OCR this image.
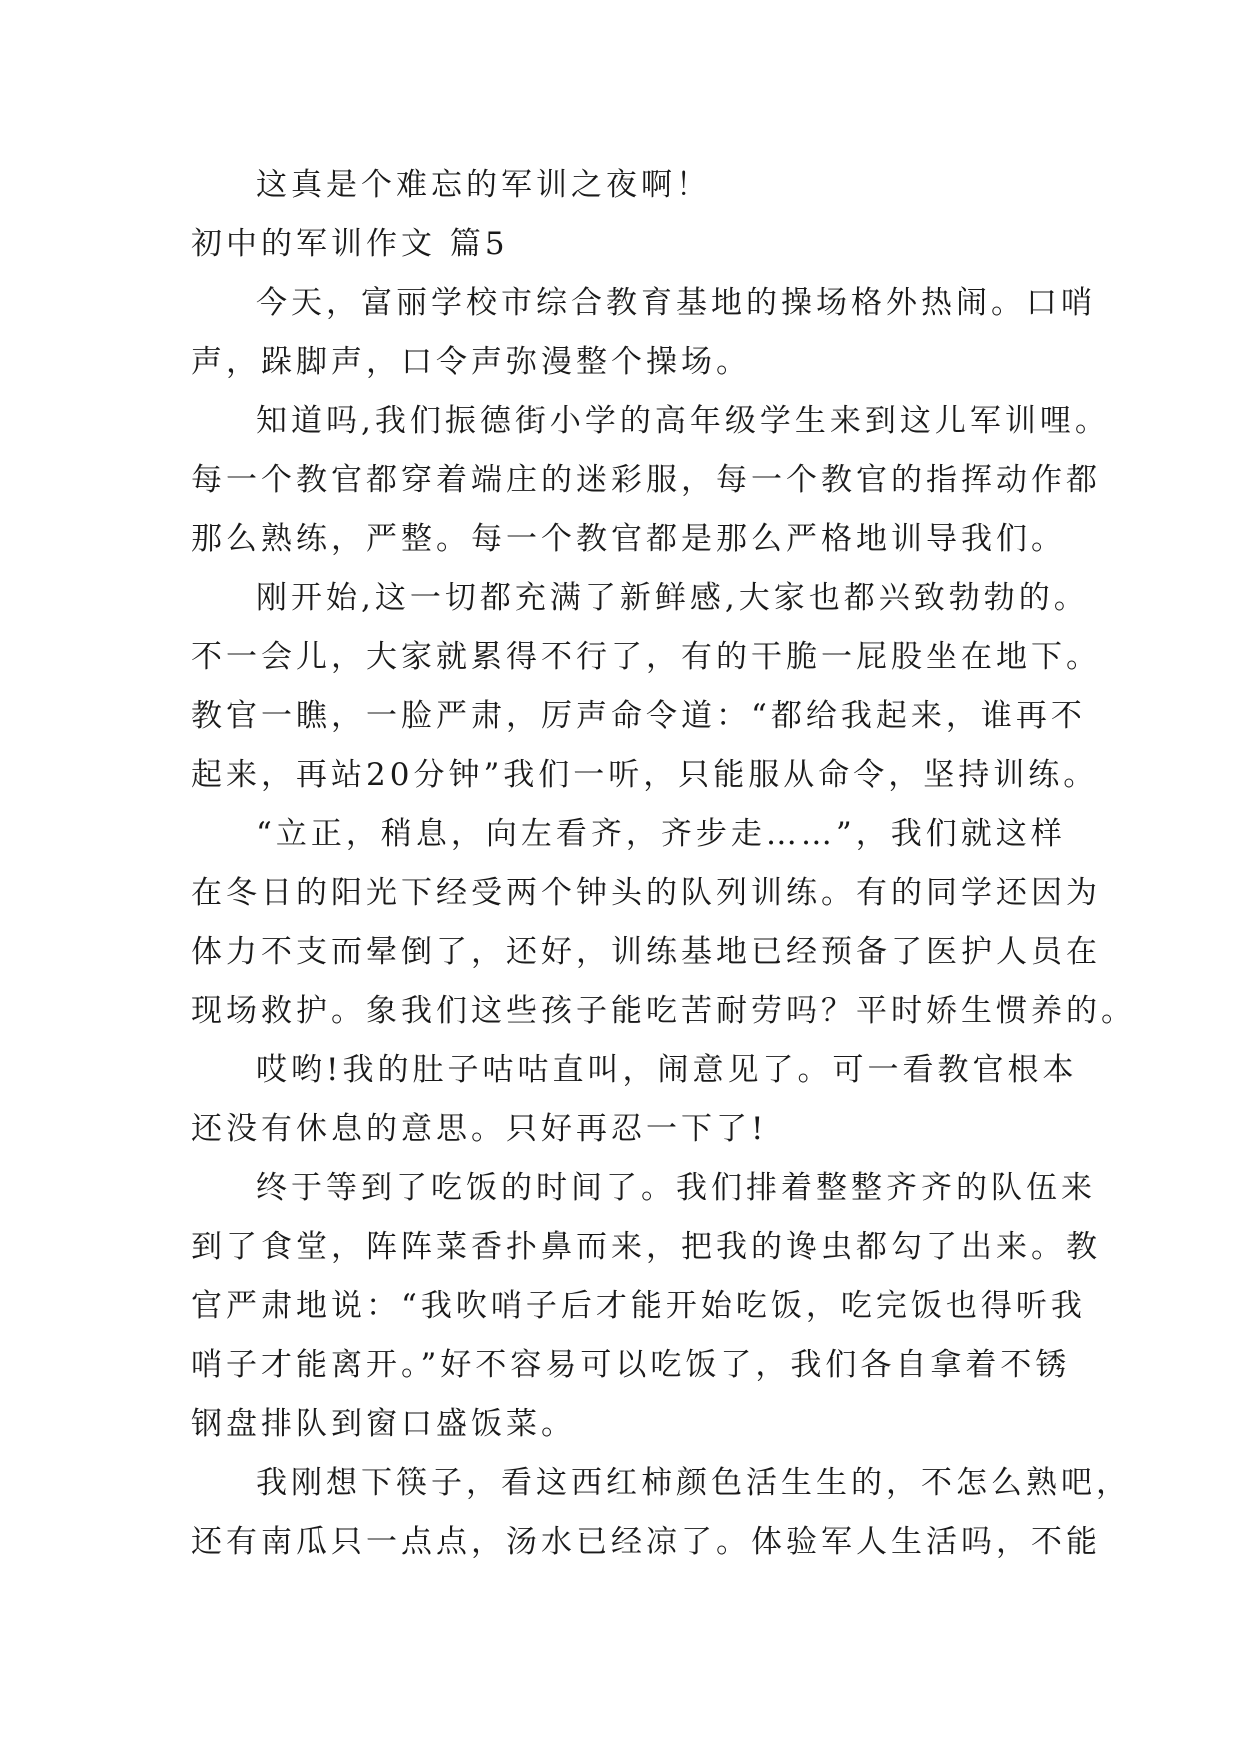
这真是个难忘的军训之夜啊！
初中的军训作文 篇5
今天，富丽学校市综合教育基地的操场格外热闹。口哨
声，跺脚声，口令声弥漫整个操场。
知道吗,我们振德街小学的高年级学生来到这儿军训哩。
每一个教官都穿着端庄的迷彩服，每一个教官的指挥动作都
那么熟练，严整。每一个教官都是那么严格地训导我们。
刚开始,这一切都充满了新鲜感,大家也都兴致勃勃的。
不一会儿，大家就累得不行了，有的干脆一屁股坐在地下。
教官一瞧，一脸严肃，厉声命令道：“都给我起来，谁再不
起来，再站20分钟”我们一听，只能服从命令，坚持训练。
“立正，稍息，向左看齐，齐步走……”，我们就这样
在冬日的阳光下经受两个钟头的队列训练。有的同学还因为
体力不支而晕倒了，还好，训练基地已经预备了医护人员在
现场救护。象我们这些孩子能吃苦耐劳吗？平时娇生惯养的。
哎哟!我的肚子咕咕直叫，闹意见了。可一看教官根本
还没有休息的意思。只好再忍一下了!
终于等到了吃饭的时间了。我们排着整整齐齐的队伍来
到了食堂，阵阵菜香扑鼻而来，把我的谗虫都勾了出来。教
官严肃地说：“我吹哨子后才能开始吃饭，吃完饭也得听我
哨子才能离开。”好不容易可以吃饭了，我们各自拿着不锈
钢盘排队到窗口盛饭菜。
我刚想下筷子，看这西红柿颜色活生生的，不怎么熟吧，
还有南瓜只一点点，汤水已经凉了。体验军人生活吗，不能
